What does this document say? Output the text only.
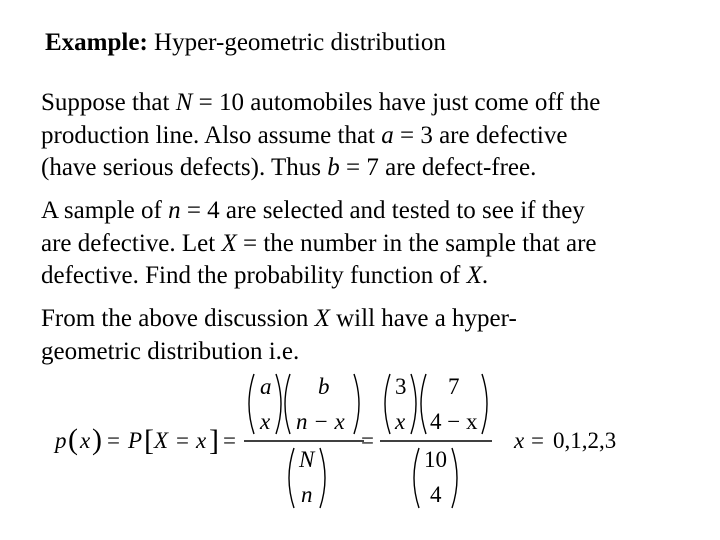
Example: Hyper-geometric distribution
Suppose that N = 10 automobiles have just come off the
production line. Also assume that a = 3 are defective
(have serious defects). Thus b = 7 are defect-free.
A sample of n = 4 are selected and tested to see if they
are defective. Let X = the number in the sample that are
defective. Find the probability function of X.
From the above discussion X will have a hyper-
geometric distribution i.e.
p ( x ) = P [ X = x ] =
a
x
b
n − x
N
n
=
3
x
7
4 − x
10
4
x = 0,1,2,3
